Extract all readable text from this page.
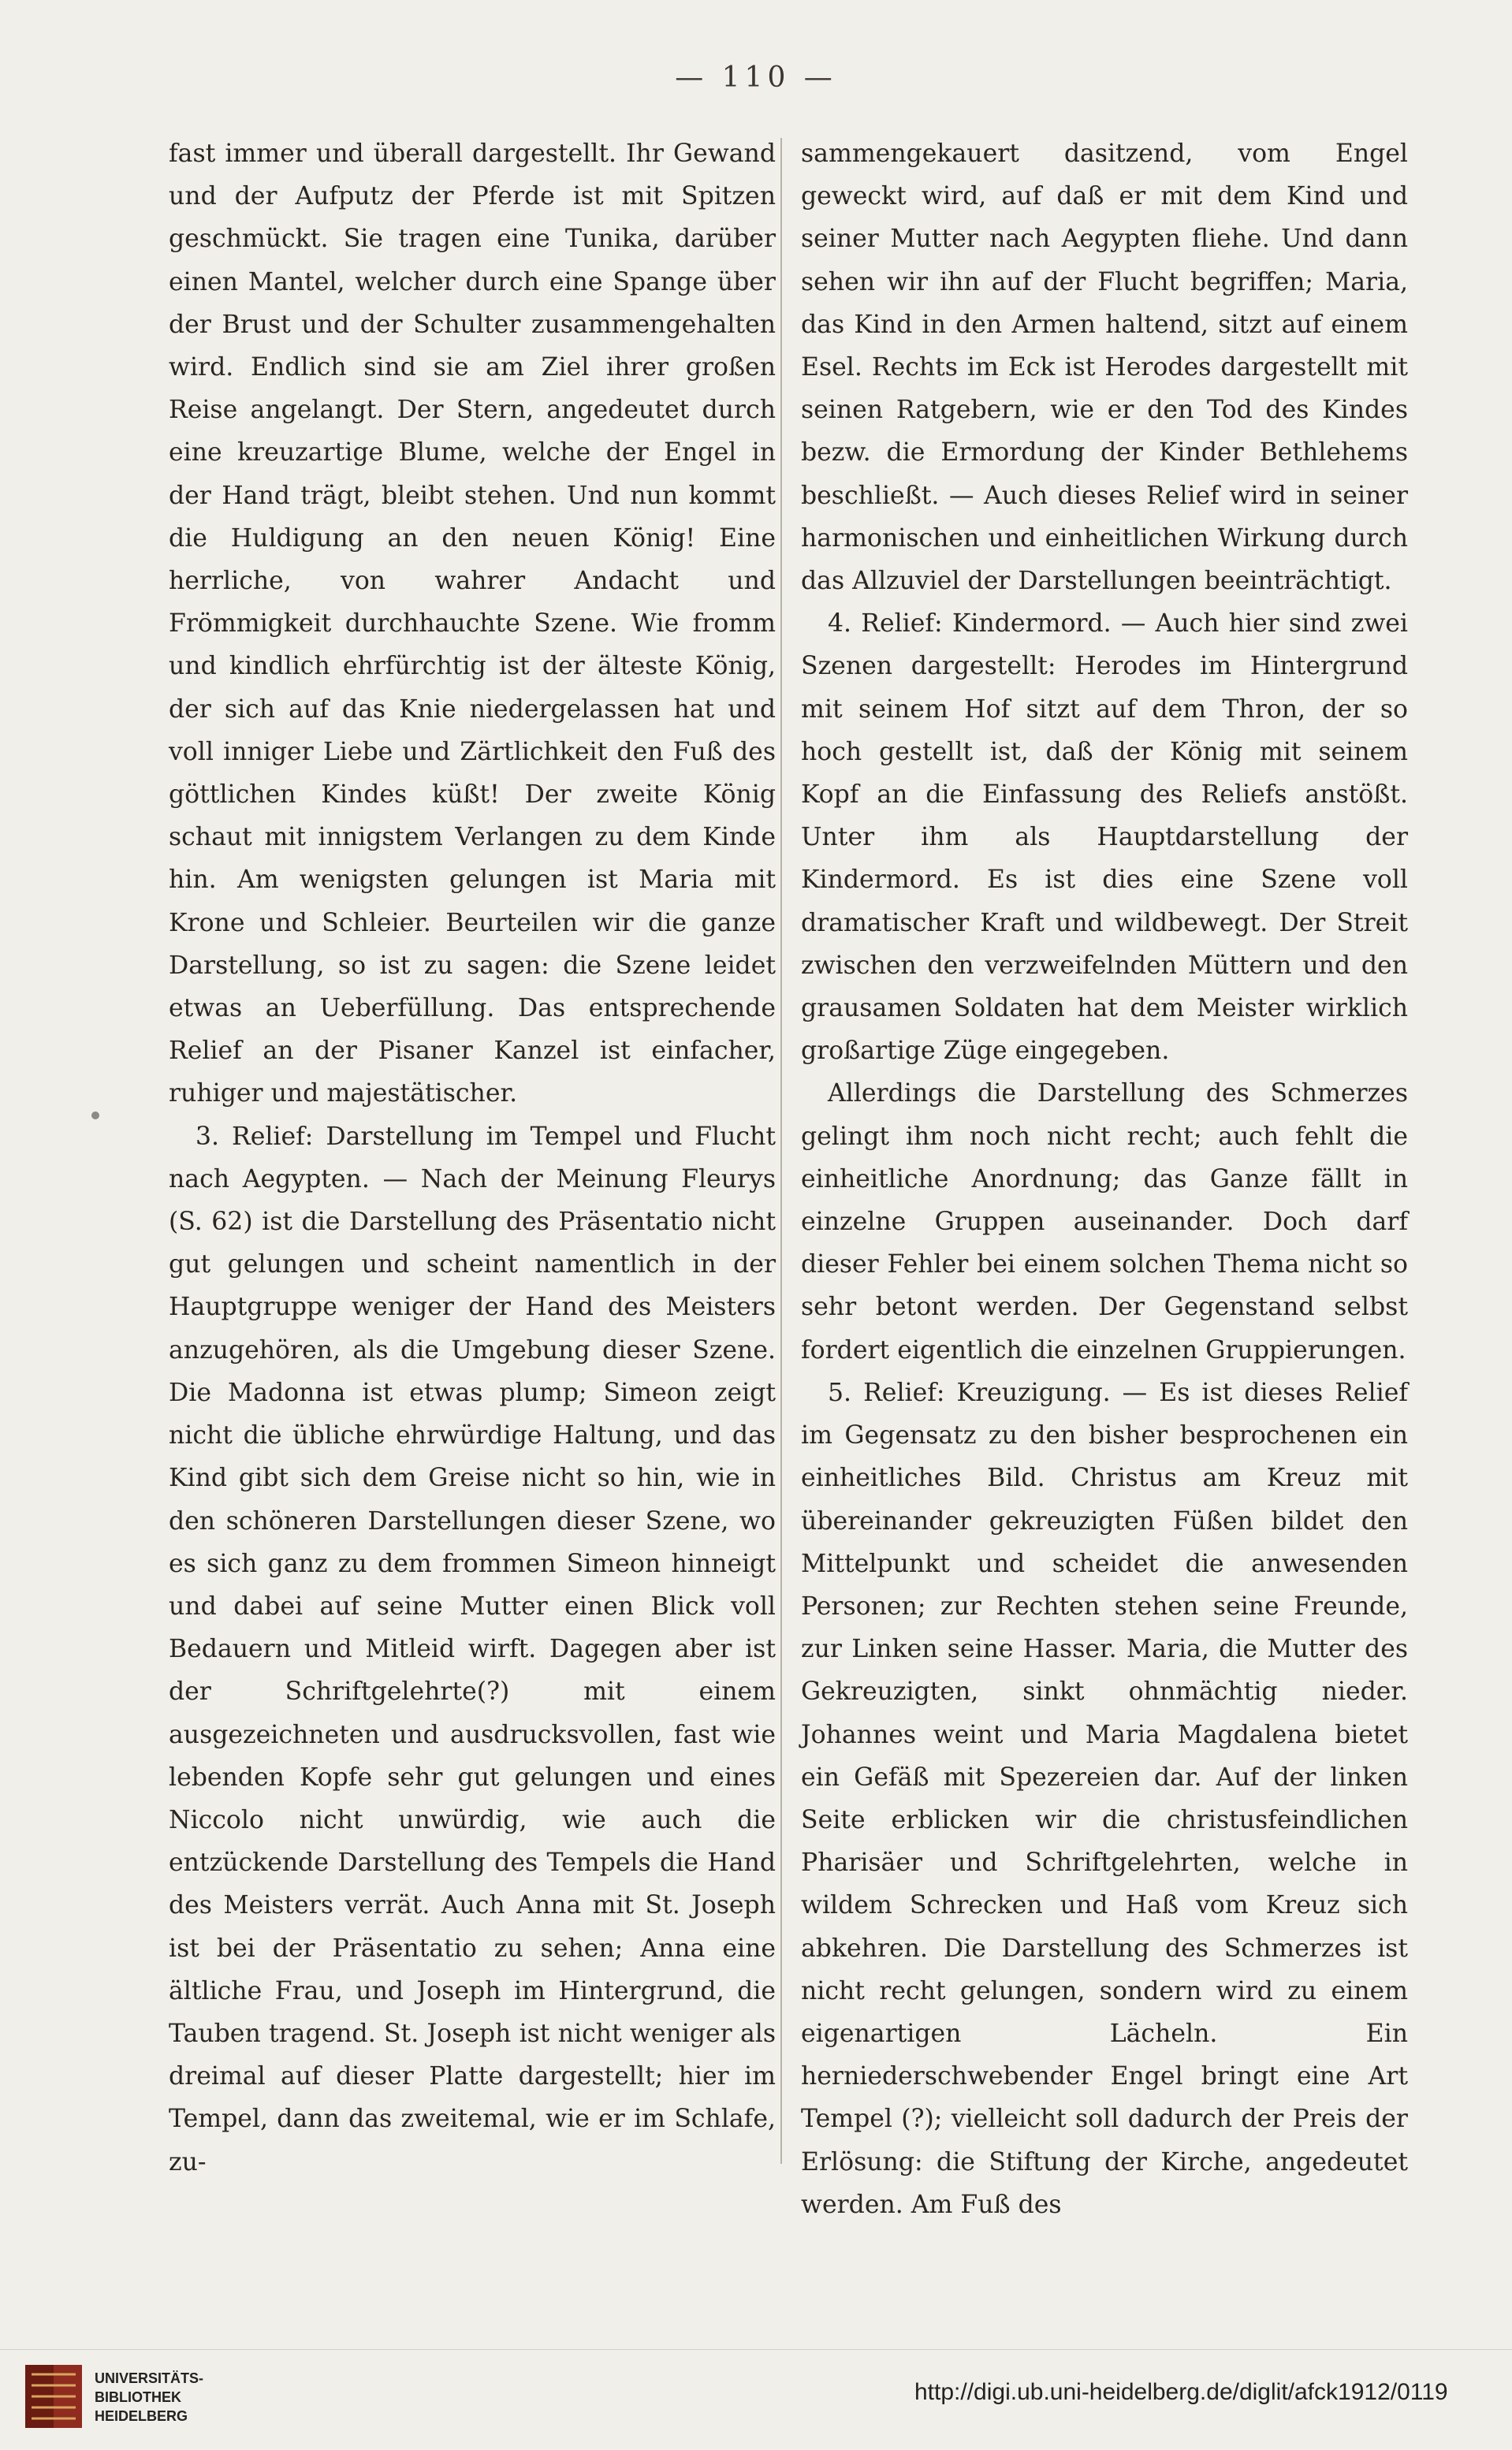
— 110 —

fast immer und überall dargestellt. Ihr Gewand und der Aufputz der Pferde ist mit Spitzen geschmückt. Sie tragen eine Tunika, darüber einen Mantel, welcher durch eine Spange über der Brust und der Schulter zusammengehalten wird. Endlich sind sie am Ziel ihrer großen Reise angelangt. Der Stern, angedeutet durch eine kreuzartige Blume, welche der Engel in der Hand trägt, bleibt stehen. Und nun kommt die Huldigung an den neuen König! Eine herrliche, von wahrer Andacht und Frömmigkeit durchhauchte Szene. Wie fromm und kindlich ehrfürchtig ist der älteste König, der sich auf das Knie niedergelassen hat und voll inniger Liebe und Zärtlichkeit den Fuß des göttlichen Kindes küßt! Der zweite König schaut mit innigstem Verlangen zu dem Kinde hin. Am wenigsten gelungen ist Maria mit Krone und Schleier. Beurteilen wir die ganze Darstellung, so ist zu sagen: die Szene leidet etwas an Ueberfüllung. Das entsprechende Relief an der Pisaner Kanzel ist einfacher, ruhiger und majestätischer.

3. Relief: Darstellung im Tempel und Flucht nach Aegypten. — Nach der Meinung Fleurys (S. 62) ist die Darstellung des Präsentatio nicht gut gelungen und scheint namentlich in der Hauptgruppe weniger der Hand des Meisters anzugehören, als die Umgebung dieser Szene. Die Madonna ist etwas plump; Simeon zeigt nicht die übliche ehrwürdige Haltung, und das Kind gibt sich dem Greise nicht so hin, wie in den schöneren Darstellungen dieser Szene, wo es sich ganz zu dem frommen Simeon hinneigt und dabei auf seine Mutter einen Blick voll Bedauern und Mitleid wirft. Dagegen aber ist der Schriftgelehrte(?) mit einem ausgezeichneten und ausdrucksvollen, fast wie lebenden Kopfe sehr gut gelungen und eines Niccolo nicht unwürdig, wie auch die entzückende Darstellung des Tempels die Hand des Meisters verrät. Auch Anna mit St. Joseph ist bei der Präsentatio zu sehen; Anna eine ältliche Frau, und Joseph im Hintergrund, die Tauben tragend. St. Joseph ist nicht weniger als dreimal auf dieser Platte dargestellt; hier im Tempel, dann das zweitemal, wie er im Schlafe, zu-

sammengekauert dasitzend, vom Engel geweckt wird, auf daß er mit dem Kind und seiner Mutter nach Aegypten fliehe. Und dann sehen wir ihn auf der Flucht begriffen; Maria, das Kind in den Armen haltend, sitzt auf einem Esel. Rechts im Eck ist Herodes dargestellt mit seinen Ratgebern, wie er den Tod des Kindes bezw. die Ermordung der Kinder Bethlehems beschließt. — Auch dieses Relief wird in seiner harmonischen und einheitlichen Wirkung durch das Allzuviel der Darstellungen beeinträchtigt.

4. Relief: Kindermord. — Auch hier sind zwei Szenen dargestellt: Herodes im Hintergrund mit seinem Hof sitzt auf dem Thron, der so hoch gestellt ist, daß der König mit seinem Kopf an die Einfassung des Reliefs anstößt. Unter ihm als Hauptdarstellung der Kindermord. Es ist dies eine Szene voll dramatischer Kraft und wildbewegt. Der Streit zwischen den verzweifelnden Müttern und den grausamen Soldaten hat dem Meister wirklich großartige Züge eingegeben.

Allerdings die Darstellung des Schmerzes gelingt ihm noch nicht recht; auch fehlt die einheitliche Anordnung; das Ganze fällt in einzelne Gruppen auseinander. Doch darf dieser Fehler bei einem solchen Thema nicht so sehr betont werden. Der Gegenstand selbst fordert eigentlich die einzelnen Gruppierungen.

5. Relief: Kreuzigung. — Es ist dieses Relief im Gegensatz zu den bisher besprochenen ein einheitliches Bild. Christus am Kreuz mit übereinander gekreuzigten Füßen bildet den Mittelpunkt und scheidet die anwesenden Personen; zur Rechten stehen seine Freunde, zur Linken seine Hasser. Maria, die Mutter des Gekreuzigten, sinkt ohnmächtig nieder. Johannes weint und Maria Magdalena bietet ein Gefäß mit Spezereien dar. Auf der linken Seite erblicken wir die christusfeindlichen Pharisäer und Schriftgelehrten, welche in wildem Schrecken und Haß vom Kreuz sich abkehren. Die Darstellung des Schmerzes ist nicht recht gelungen, sondern wird zu einem eigenartigen Lächeln. Ein herniederschwebender Engel bringt eine Art Tempel (?); vielleicht soll dadurch der Preis der Erlösung: die Stiftung der Kirche, angedeutet werden. Am Fuß des

UNIVERSITÄTS-
BIBLIOTHEK
HEIDELBERG
http://digi.ub.uni-heidelberg.de/diglit/afck1912/0119
